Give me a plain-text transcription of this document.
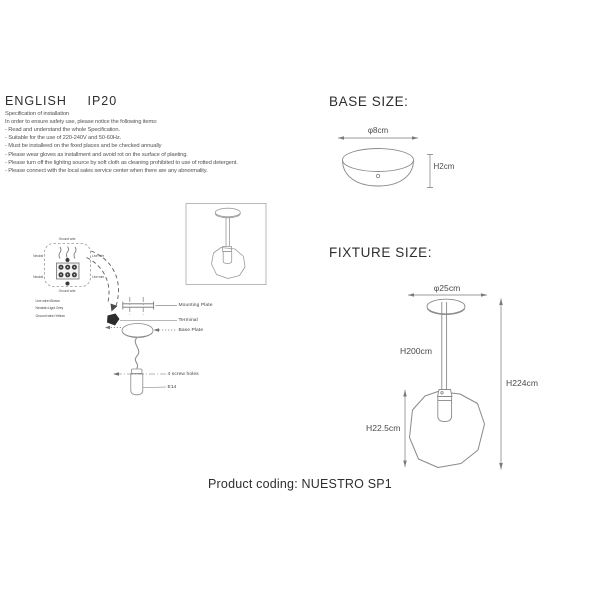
ENGLISH IP20
Specification of installation
In order to ensure safety use, please notice the following items:
- Read and understand the whole Specification.
- Suitable for the use of 220-240V and 50-60Hz.
- Must be installeed on the fixed places and be checked annually
- Please wear gloves as installment and avoid rot on the surface of plaeting.
- Please turn off the lighitng source by soft cloth as cleaning prohibited to use of rotted detergent.
- Please connect with the local sales service center when there are any abnormality.
Ground wire
Neutral	Live wire
Neutral	Live wire
Ground wire
Live wire=Brown
Neutral=Ligut Grey
Ground wire=Yellow
Mounting Plate
Terminal
Base Plate
4 screw holes
E14
BASE SIZE:
φ8cm
H2cm
FIXTURE SIZE:
φ25cm
H200cm
H224cm
H22.5cm
Product coding: NUESTRO SP1
